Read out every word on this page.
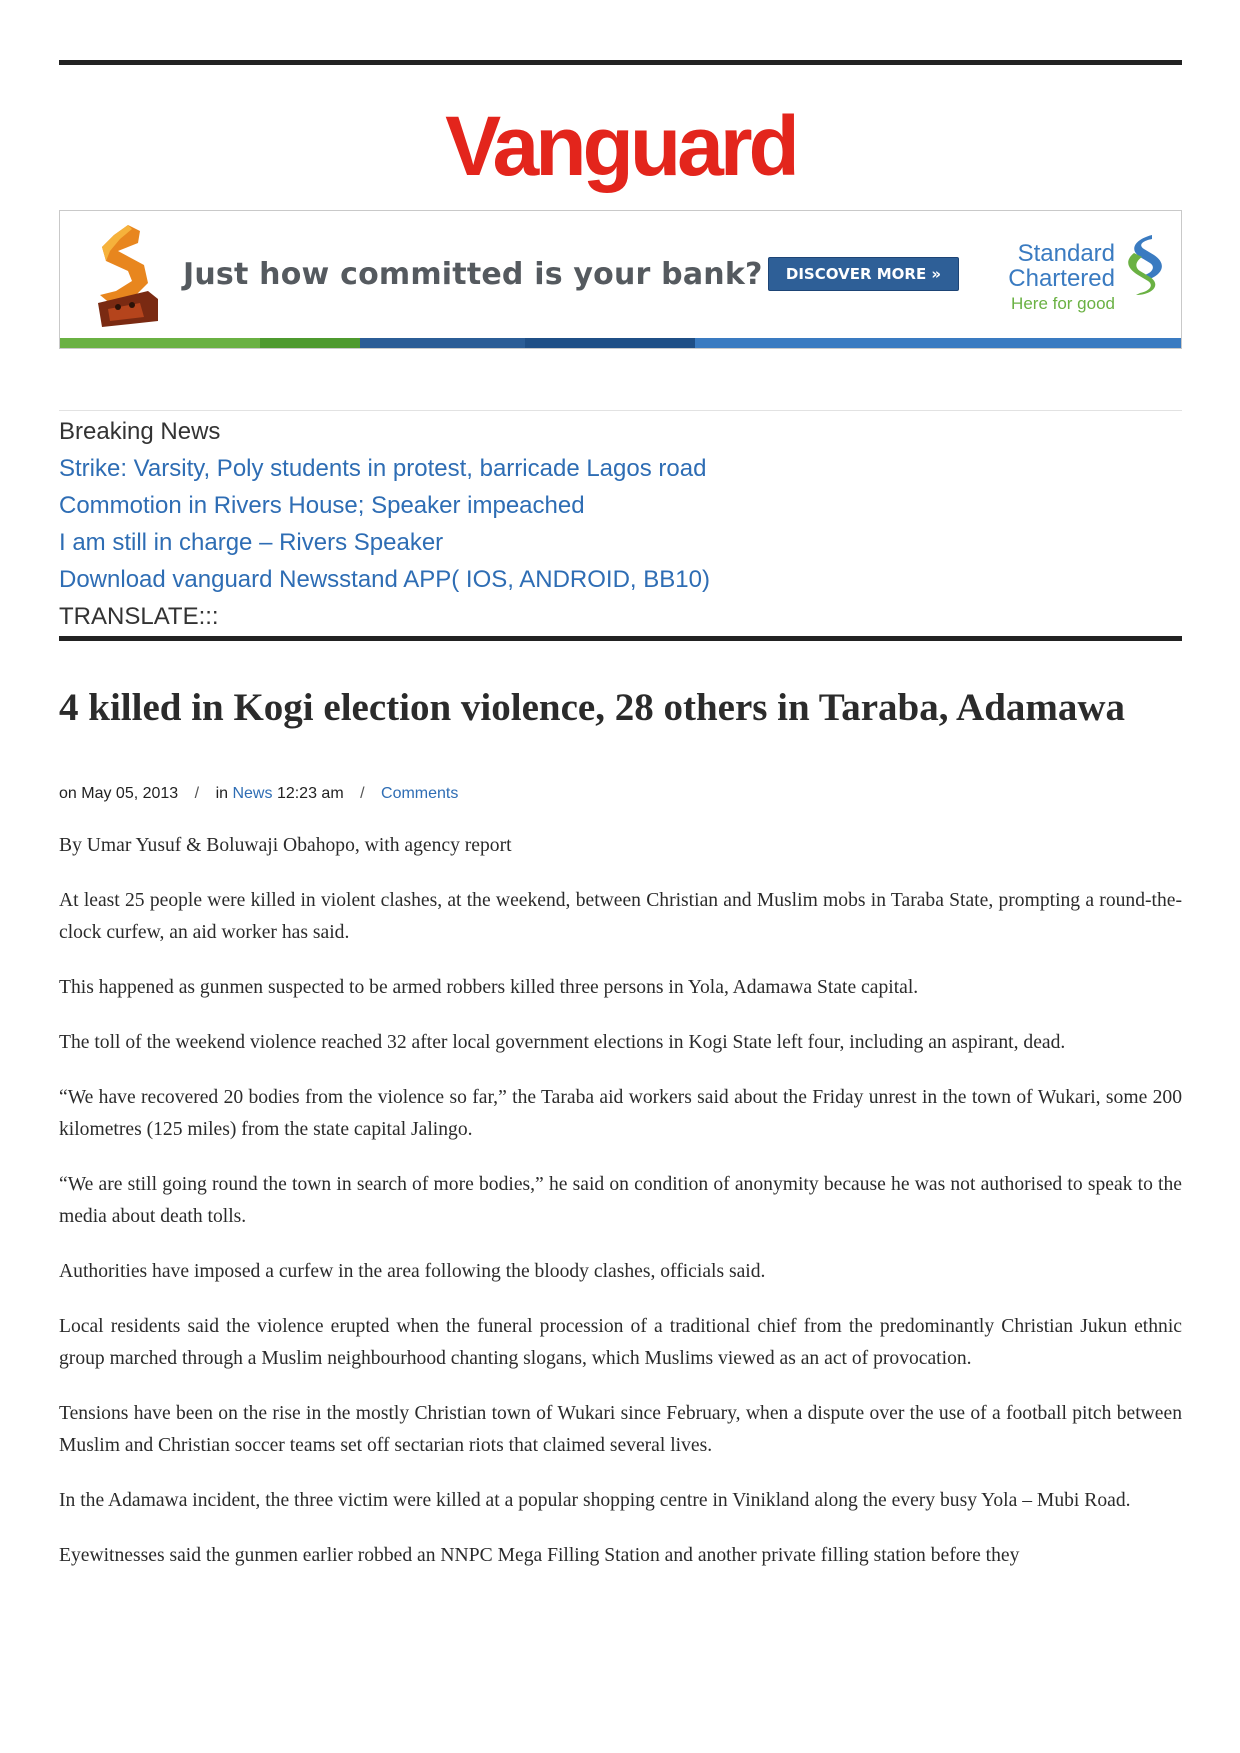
Vanguard
Just how committed is your bank?	DISCOVER MORE »
Standard
Chartered
Here for good
Breaking News
Strike: Varsity, Poly students in protest, barricade Lagos road
Commotion in Rivers House; Speaker impeached
I am still in charge – Rivers Speaker
Download vanguard Newsstand APP( IOS, ANDROID, BB10)
TRANSLATE:::
4 killed in Kogi election violence, 28 others in Taraba, Adamawa
on May 05, 2013 / in News 12:23 am / Comments

By Umar Yusuf & Boluwaji Obahopo, with agency report

At least 25 people were killed in violent clashes, at the weekend, between Christian and Muslim mobs in Taraba State, prompting a round-the-clock curfew, an aid worker has said.

This happened as gunmen suspected to be armed robbers killed three persons in Yola, Adamawa State capital.

The toll of the weekend violence reached 32 after local government elections in Kogi State left four, including an aspirant, dead.

“We have recovered 20 bodies from the violence so far,” the Taraba aid workers said about the Friday unrest in the town of Wukari, some 200 kilometres (125 miles) from the state capital Jalingo.

“We are still going round the town in search of more bodies,” he said on condition of anonymity because he was not authorised to speak to the media about death tolls.

Authorities have imposed a curfew in the area following the bloody clashes, officials said.

Local residents said the violence erupted when the funeral procession of a traditional chief from the predominantly Christian Jukun ethnic group marched through a Muslim neighbourhood chanting slogans, which Muslims viewed as an act of provocation.

Tensions have been on the rise in the mostly Christian town of Wukari since February, when a dispute over the use of a football pitch between Muslim and Christian soccer teams set off sectarian riots that claimed several lives.

In the Adamawa incident, the three victim were killed at a popular shopping centre in Vinikland along the every busy Yola – Mubi Road.

Eyewitnesses said the gunmen earlier robbed an NNPC Mega Filling Station and another private filling station before they
